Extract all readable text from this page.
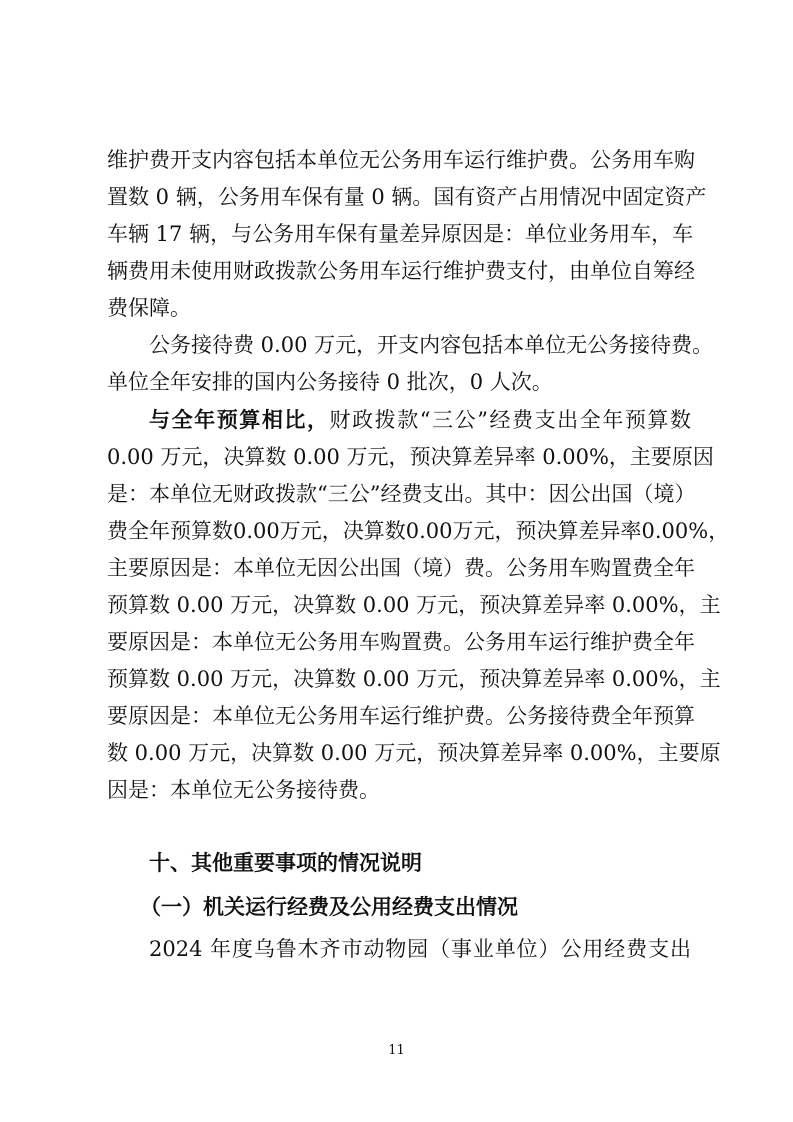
维护费开支内容包括本单位无公务用车运行维护费。公务用车购
置数 0 辆，公务用车保有量 0 辆。国有资产占用情况中固定资产
车辆 17 辆，与公务用车保有量差异原因是：单位业务用车，车
辆费用未使用财政拨款公务用车运行维护费支付，由单位自筹经
费保障。
公务接待费 0.00 万元，开支内容包括本单位无公务接待费。
单位全年安排的国内公务接待 0 批次，0 人次。
与全年预算相比，财政拨款“三公”经费支出全年预算数
0.00 万元，决算数 0.00 万元，预决算差异率 0.00%，主要原因
是：本单位无财政拨款“三公”经费支出。其中：因公出国（境）
费全年预算数0.00万元，决算数0.00万元，预决算差异率0.00%，
主要原因是：本单位无因公出国（境）费。公务用车购置费全年
预算数 0.00 万元，决算数 0.00 万元，预决算差异率 0.00%，主
要原因是：本单位无公务用车购置费。公务用车运行维护费全年
预算数 0.00 万元，决算数 0.00 万元，预决算差异率 0.00%，主
要原因是：本单位无公务用车运行维护费。公务接待费全年预算
数 0.00 万元，决算数 0.00 万元，预决算差异率 0.00%，主要原
因是：本单位无公务接待费。
十、其他重要事项的情况说明
（一）机关运行经费及公用经费支出情况
2024 年度乌鲁木齐市动物园（事业单位）公用经费支出
11
